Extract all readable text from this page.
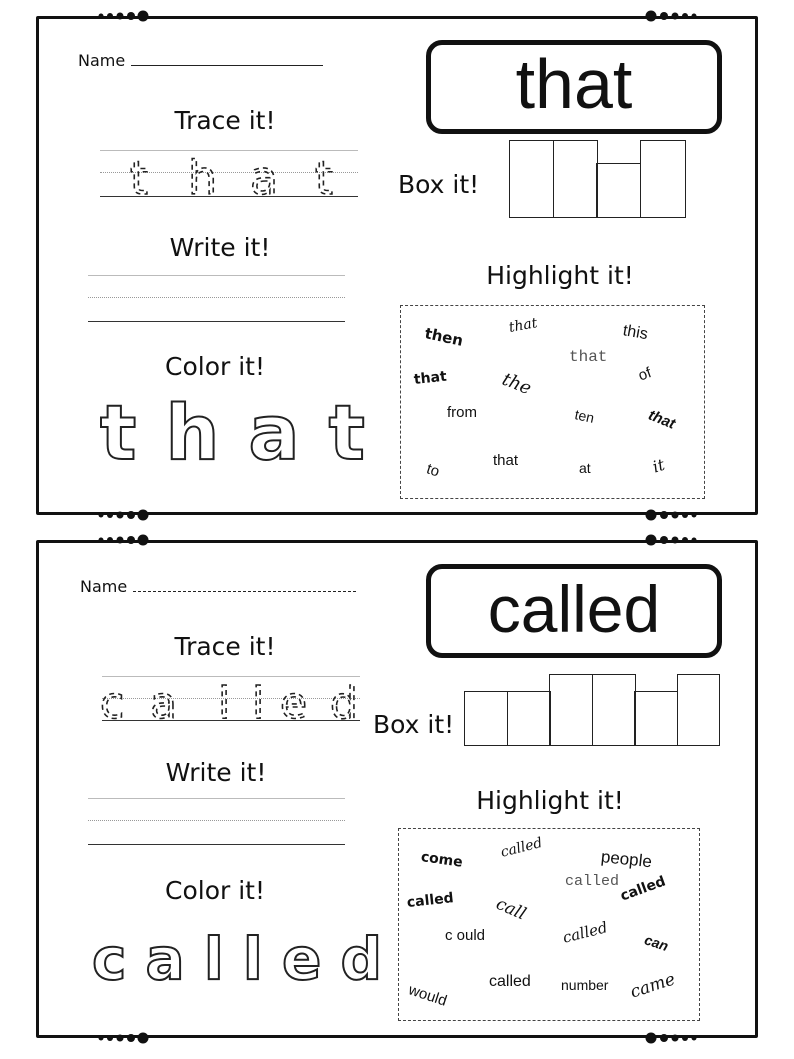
Name	that
Trace it!
t h a t
Write it!
Color it!
t h a t
Box it!
Highlight it!
then	that	this
that
that
the	of
from	ten	that
to	that	at	it
Name	called
Trace it!
c a l l e d
Write it!
Color it!
c a l l e d
Box it!
Highlight it!
come	called	people
called
called call
called
c ould	called can
would	called number came
